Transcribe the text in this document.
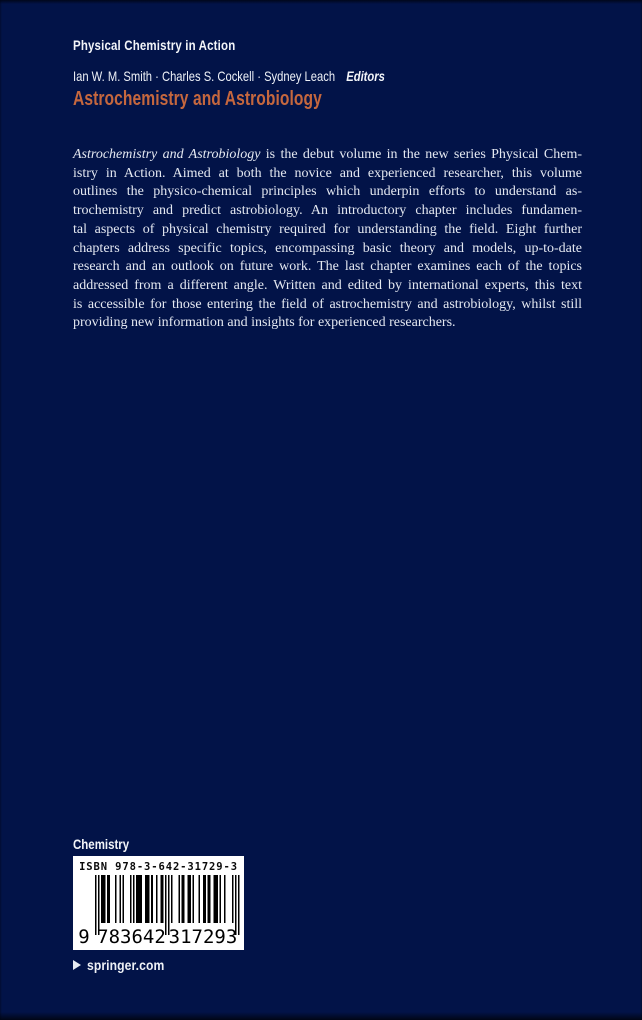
Physical Chemistry in Action
Ian W. M. Smith · Charles S. Cockell · Sydney Leach Editors
Astrochemistry and Astrobiology
Astrochemistry and Astrobiology is the debut volume in the new series Physical Chem-
istry in Action. Aimed at both the novice and experienced researcher, this volume
outlines the physico-chemical principles which underpin efforts to understand as-
trochemistry and predict astrobiology. An introductory chapter includes fundamen-
tal aspects of physical chemistry required for understanding the field. Eight further
chapters address specific topics, encompassing basic theory and models, up-to-date
research and an outlook on future work. The last chapter examines each of the topics
addressed from a different angle. Written and edited by international experts, this text
is accessible for those entering the field of astrochemistry and astrobiology, whilst still
providing new information and insights for experienced researchers.
Chemistry
ISBN 978-3-642-31729-3
9 783642 317293
springer.com
